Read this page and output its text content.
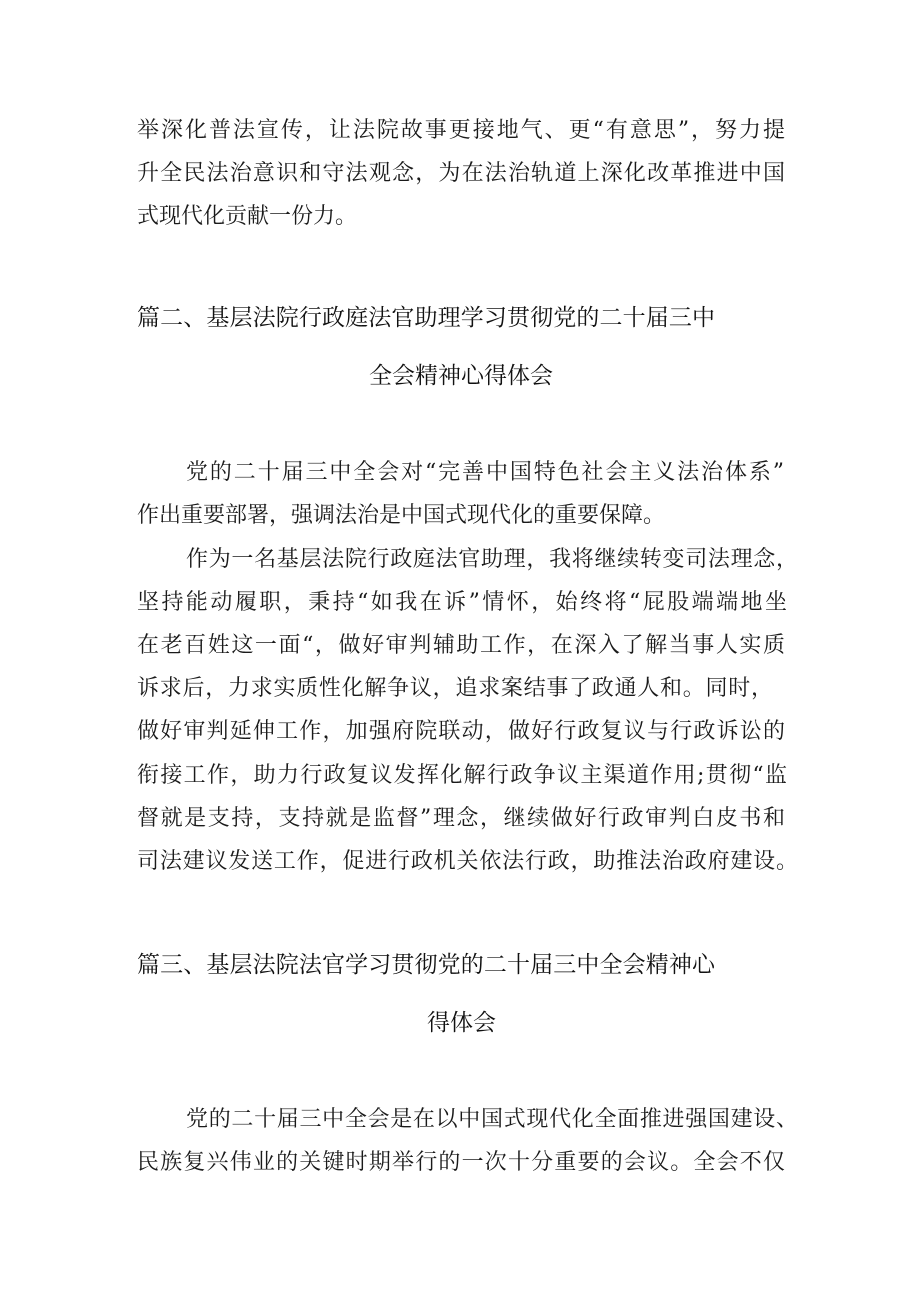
举深化普法宣传，让法院故事更接地气、更“有意思”，努力提
升全民法治意识和守法观念，为在法治轨道上深化改革推进中国
式现代化贡献一份力。
篇二、基层法院行政庭法官助理学习贯彻党的二十届三中
全会精神心得体会
党的二十届三中全会对“完善中国特色社会主义法治体系”
作出重要部署，强调法治是中国式现代化的重要保障。
作为一名基层法院行政庭法官助理，我将继续转变司法理念，
坚持能动履职，秉持“如我在诉”情怀，始终将“屁股端端地坐
在老百姓这一面“，做好审判辅助工作，在深入了解当事人实质
诉求后，力求实质性化解争议，追求案结事了政通人和。同时，
做好审判延伸工作，加强府院联动，做好行政复议与行政诉讼的
衔接工作，助力行政复议发挥化解行政争议主渠道作用;贯彻“监
督就是支持，支持就是监督”理念，继续做好行政审判白皮书和
司法建议发送工作，促进行政机关依法行政，助推法治政府建设。
篇三、基层法院法官学习贯彻党的二十届三中全会精神心
得体会
党的二十届三中全会是在以中国式现代化全面推进强国建设、
民族复兴伟业的关键时期举行的一次十分重要的会议。全会不仅
